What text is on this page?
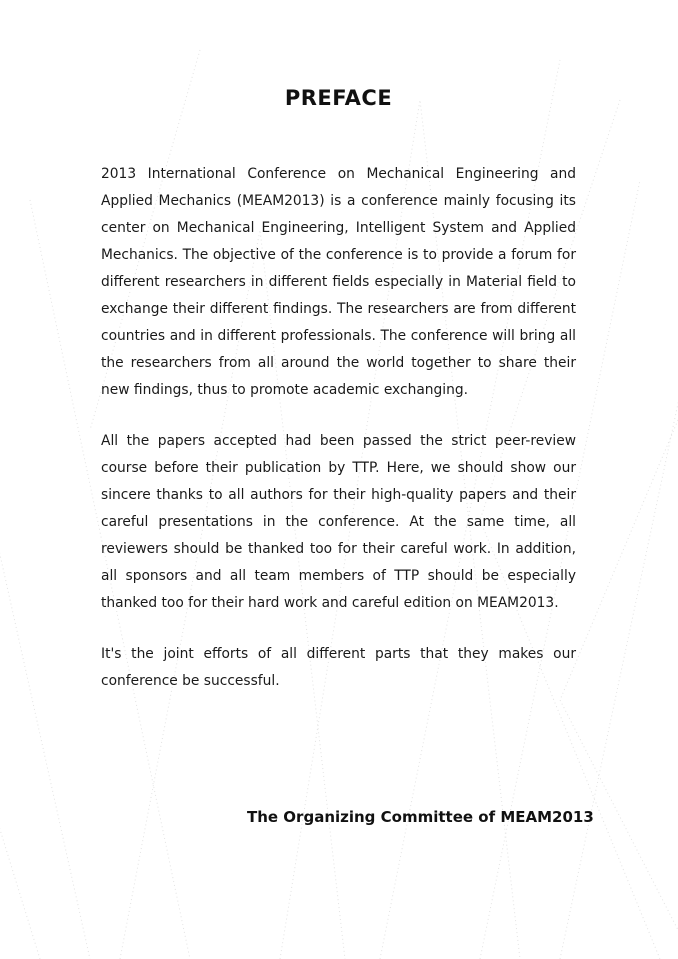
PREFACE

2013 International Conference on Mechanical Engineering and Applied Mechanics (MEAM2013) is a conference mainly focusing its center on Mechanical Engineering, Intelligent System and Applied Mechanics. The objective of the conference is to provide a forum for different researchers in different fields especially in Material field to exchange their different findings. The researchers are from different countries and in different professionals. The conference will bring all the researchers from all around the world together to share their new findings, thus to promote academic exchanging.

All the papers accepted had been passed the strict peer-review course before their publication by TTP. Here, we should show our sincere thanks to all authors for their high-quality papers and their careful presentations in the conference. At the same time, all reviewers should be thanked too for their careful work. In addition, all sponsors and all team members of TTP should be especially thanked too for their hard work and careful edition on MEAM2013.

It's the joint efforts of all different parts that they makes our conference be successful.

The Organizing Committee of MEAM2013
